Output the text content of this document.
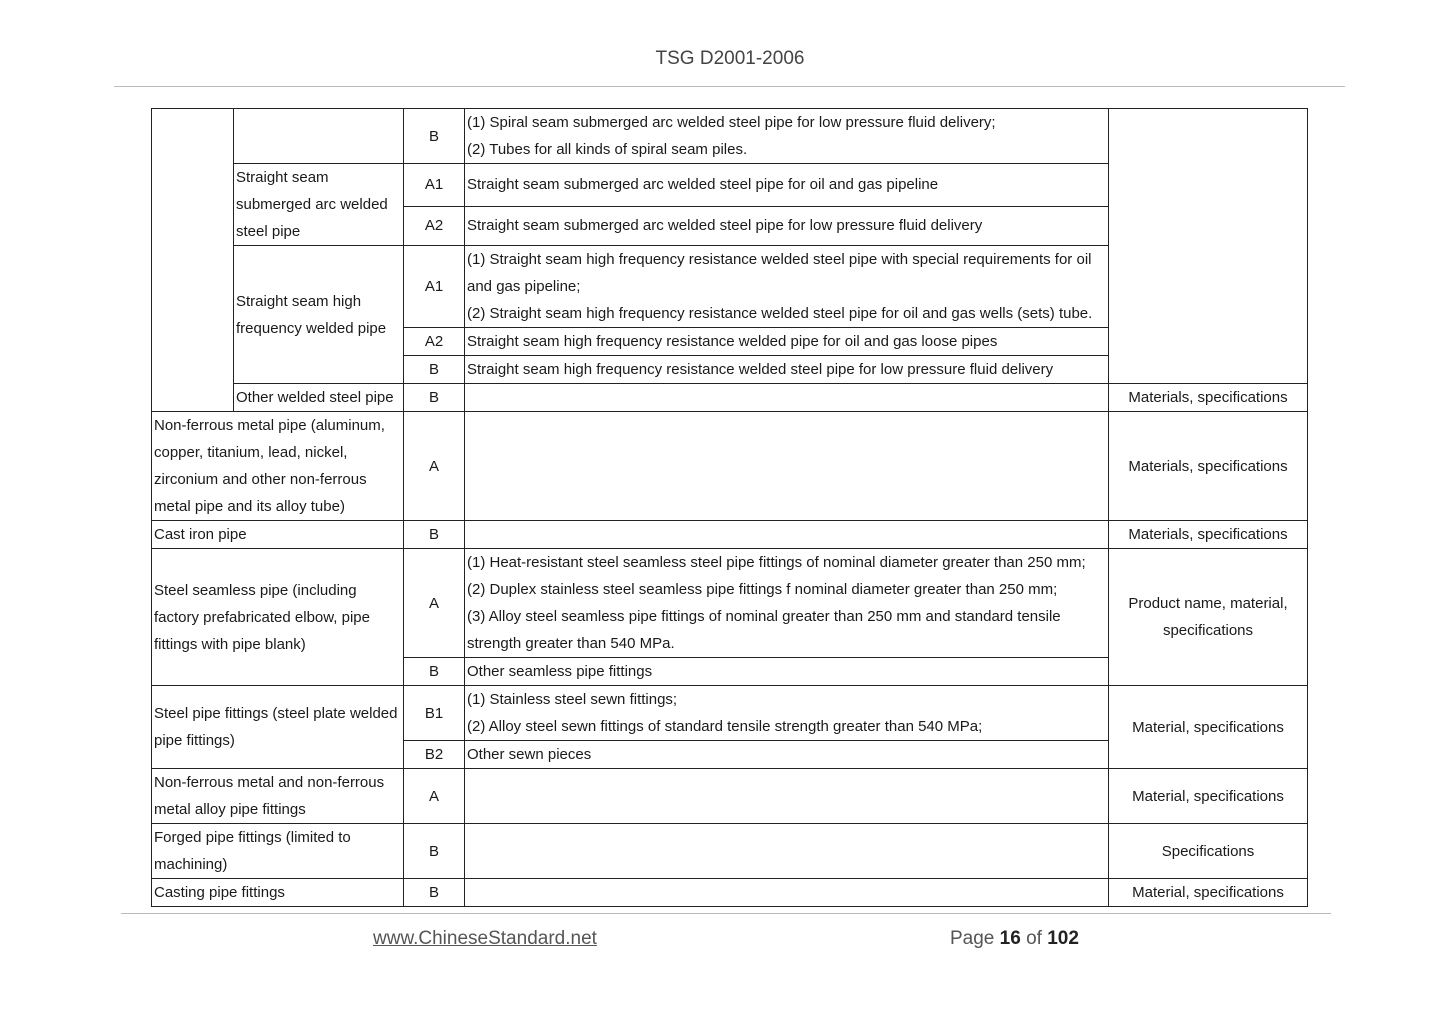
TSG D2001-2006
		B	(1) Spiral seam submerged arc welded steel pipe for low pressure fluid delivery;
(2) Tubes for all kinds of spiral seam piles.	

	Straight seam submerged arc welded steel pipe	A1	Straight seam submerged arc welded steel pipe for oil and gas pipeline	
		A2	Straight seam submerged arc welded steel pipe for low pressure fluid delivery	
	Straight seam high frequency welded pipe	A1	(1) Straight seam high frequency resistance welded steel pipe with special requirements for oil and gas pipeline;
(2) Straight seam high frequency resistance welded steel pipe for oil and gas wells (sets) tube.	

		A2	Straight seam high frequency resistance welded pipe for oil and gas loose pipes	
		B	Straight seam high frequency resistance welded steel pipe for low pressure fluid delivery	
	Other welded steel pipe	B		Materials, specifications
Non-ferrous metal pipe (aluminum, copper, titanium, lead, nickel, zirconium and other non-ferrous metal pipe and its alloy tube)		A		Materials, specifications
Cast iron pipe		B		Materials, specifications
Steel seamless pipe (including factory prefabricated elbow, pipe fittings with pipe blank)		A	(1) Heat-resistant steel seamless steel pipe fittings of nominal diameter greater than 250 mm;
(2) Duplex stainless steel seamless pipe fittings f nominal diameter greater than 250 mm;
(3) Alloy steel seamless pipe fittings of nominal greater than 250 mm and standard tensile strength greater than 540 MPa.	Product name, material, specifications
		B	Other seamless pipe fittings	
Steel pipe fittings (steel plate welded pipe fittings)		B1	(1) Stainless steel sewn fittings;
(2) Alloy steel sewn fittings of standard tensile strength greater than 540 MPa;	Material, specifications
		B2	Other sewn pieces	
Non-ferrous metal and non-ferrous metal alloy pipe fittings		A		Material, specifications
Forged pipe fittings (limited to machining)		B		Specifications
Casting pipe fittings		B		Material, specifications
www.ChineseStandard.net	Page 16 of 102
